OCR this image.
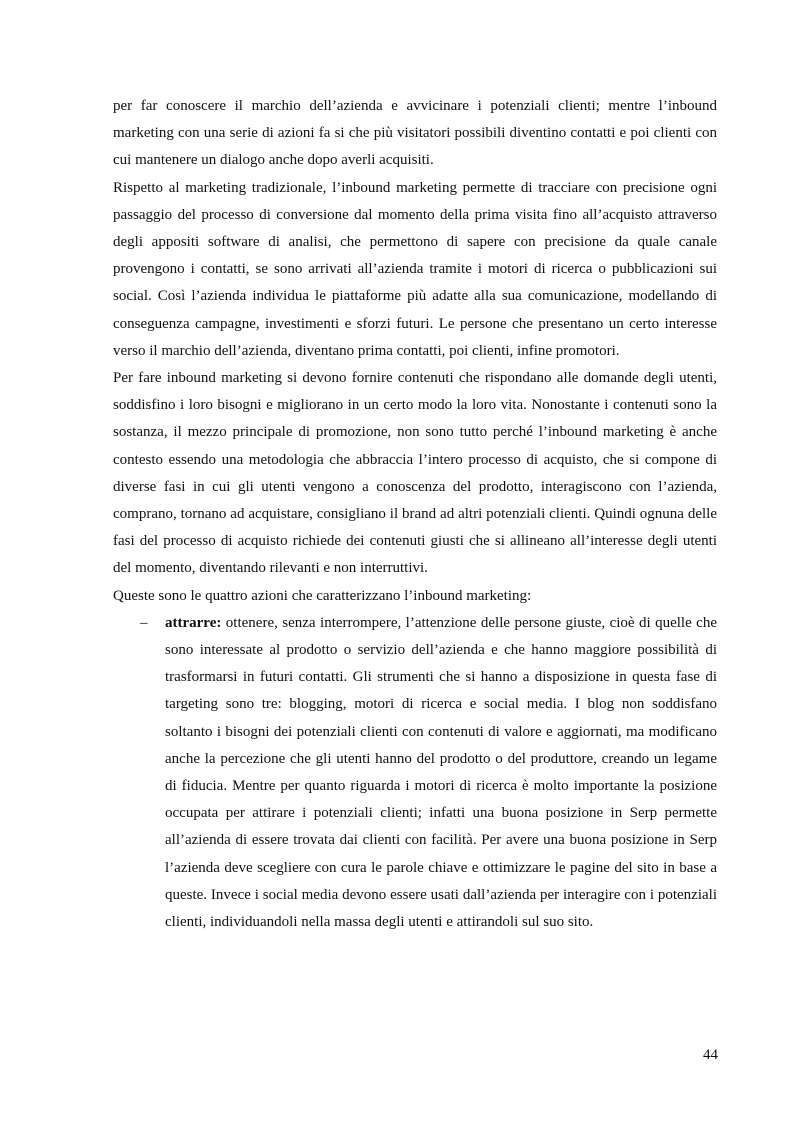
per far conoscere il marchio dell’azienda e avvicinare i potenziali clienti; mentre l’inbound marketing con una serie di azioni fa si che più visitatori possibili diventino contatti e poi clienti con cui mantenere un dialogo anche dopo averli acquisiti.

Rispetto al marketing tradizionale, l’inbound marketing permette di tracciare con precisione ogni passaggio del processo di conversione dal momento della prima visita fino all’acquisto attraverso degli appositi software di analisi, che permettono di sapere con precisione da quale canale provengono i contatti, se sono arrivati all’azienda tramite i motori di ricerca o pubblicazioni sui social. Così l’azienda individua le piattaforme più adatte alla sua comunicazione, modellando di conseguenza campagne, investimenti e sforzi futuri. Le persone che presentano un certo interesse verso il marchio dell’azienda, diventano prima contatti, poi clienti, infine promotori.

Per fare inbound marketing si devono fornire contenuti che rispondano alle domande degli utenti, soddisfino i loro bisogni e migliorano in un certo modo la loro vita. Nonostante i contenuti sono la sostanza, il mezzo principale di promozione, non sono tutto perché l’inbound marketing è anche contesto essendo una metodologia che abbraccia l’intero processo di acquisto, che si compone di diverse fasi in cui gli utenti vengono a conoscenza del prodotto, interagiscono con l’azienda, comprano, tornano ad acquistare, consigliano il brand ad altri potenziali clienti. Quindi ognuna delle fasi del processo di acquisto richiede dei contenuti giusti che si allineano all’interesse degli utenti del momento, diventando rilevanti e non interruttivi.

Queste sono le quattro azioni che caratterizzano l’inbound marketing:

– attrarre: ottenere, senza interrompere, l’attenzione delle persone giuste, cioè di quelle che sono interessate al prodotto o servizio dell’azienda e che hanno maggiore possibilità di trasformarsi in futuri contatti. Gli strumenti che si hanno a disposizione in questa fase di targeting sono tre: blogging, motori di ricerca e social media. I blog non soddisfano soltanto i bisogni dei potenziali clienti con contenuti di valore e aggiornati, ma modificano anche la percezione che gli utenti hanno del prodotto o del produttore, creando un legame di fiducia. Mentre per quanto riguarda i motori di ricerca è molto importante la posizione occupata per attirare i potenziali clienti; infatti una buona posizione in Serp permette all’azienda di essere trovata dai clienti con facilità. Per avere una buona posizione in Serp l’azienda deve scegliere con cura le parole chiave e ottimizzare le pagine del sito in base a queste. Invece i social media devono essere usati dall’azienda per interagire con i potenziali clienti, individuandoli nella massa degli utenti e attirandoli sul suo sito.
44
